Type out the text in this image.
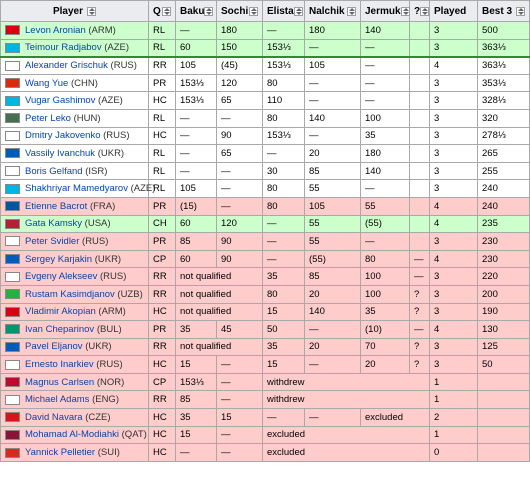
Player	Q	Baku	Sochi	Elista	Nalchik	Jermuk	?	Played	Best 3

Levon Aronian (ARM)	RL	—	180	—	180	140		3	500

Teimour Radjabov (AZE)	RL	60	150	153⅓	—	—		3	363⅓

Alexander Grischuk (RUS)	RR	105	(45)	153⅓	105	—		4	363⅓

Wang Yue (CHN)	PR	153⅓	120	80	—	—		3	353⅓

Vugar Gashimov (AZE)	HC	153⅓	65	110	—	—		3	328⅓

Peter Leko (HUN)	RL	—	—	80	140	100		3	320

Dmitry Jakovenko (RUS)	HC	—	90	153⅓	—	35		3	278⅓

Vassily Ivanchuk (UKR)	RL	—	65	—	20	180		3	265

Boris Gelfand (ISR)	RL	—	—	30	85	140		3	255

Shakhriyar Mamedyarov (AZE)	RL	105	—	80	55	—		3	240

Etienne Bacrot (FRA)	PR	(15)	—	80	105	55		4	240

Gata Kamsky (USA)	CH	60	120	—	55	(55)		4	235

Peter Svidler (RUS)	PR	85	90	—	55	—		3	230

Sergey Karjakin (UKR)	CP	60	90	—	(55)	80	—	4	230

Evgeny Alekseev (RUS)	RR	not qualified		35	85	100	—	3	220

Rustam Kasimdjanov (UZB)	RR	not qualified		80	20	100	?	3	200

Vladimir Akopian (ARM)	HC	not qualified		15	140	35	?	3	190

Ivan Cheparinov (BUL)	PR	35	45	50	—	(10)	—	4	130

Pavel Eljanov (UKR)	RR	not qualified		35	20	70	?	3	125

Ernesto Inarkiev (RUS)	HC	15	—	15	—	20	?	3	50

Magnus Carlsen (NOR)	CP	153⅓	—	withdrew				1	

Michael Adams (ENG)	RR	85	—	withdrew				1	

David Navara (CZE)	HC	35	15	—	—	excluded		2	

Mohamad Al-Modiahki (QAT)	HC	15	—	excluded				1	

Yannick Pelletier (SUI)	HC	—	—	excluded				0	
